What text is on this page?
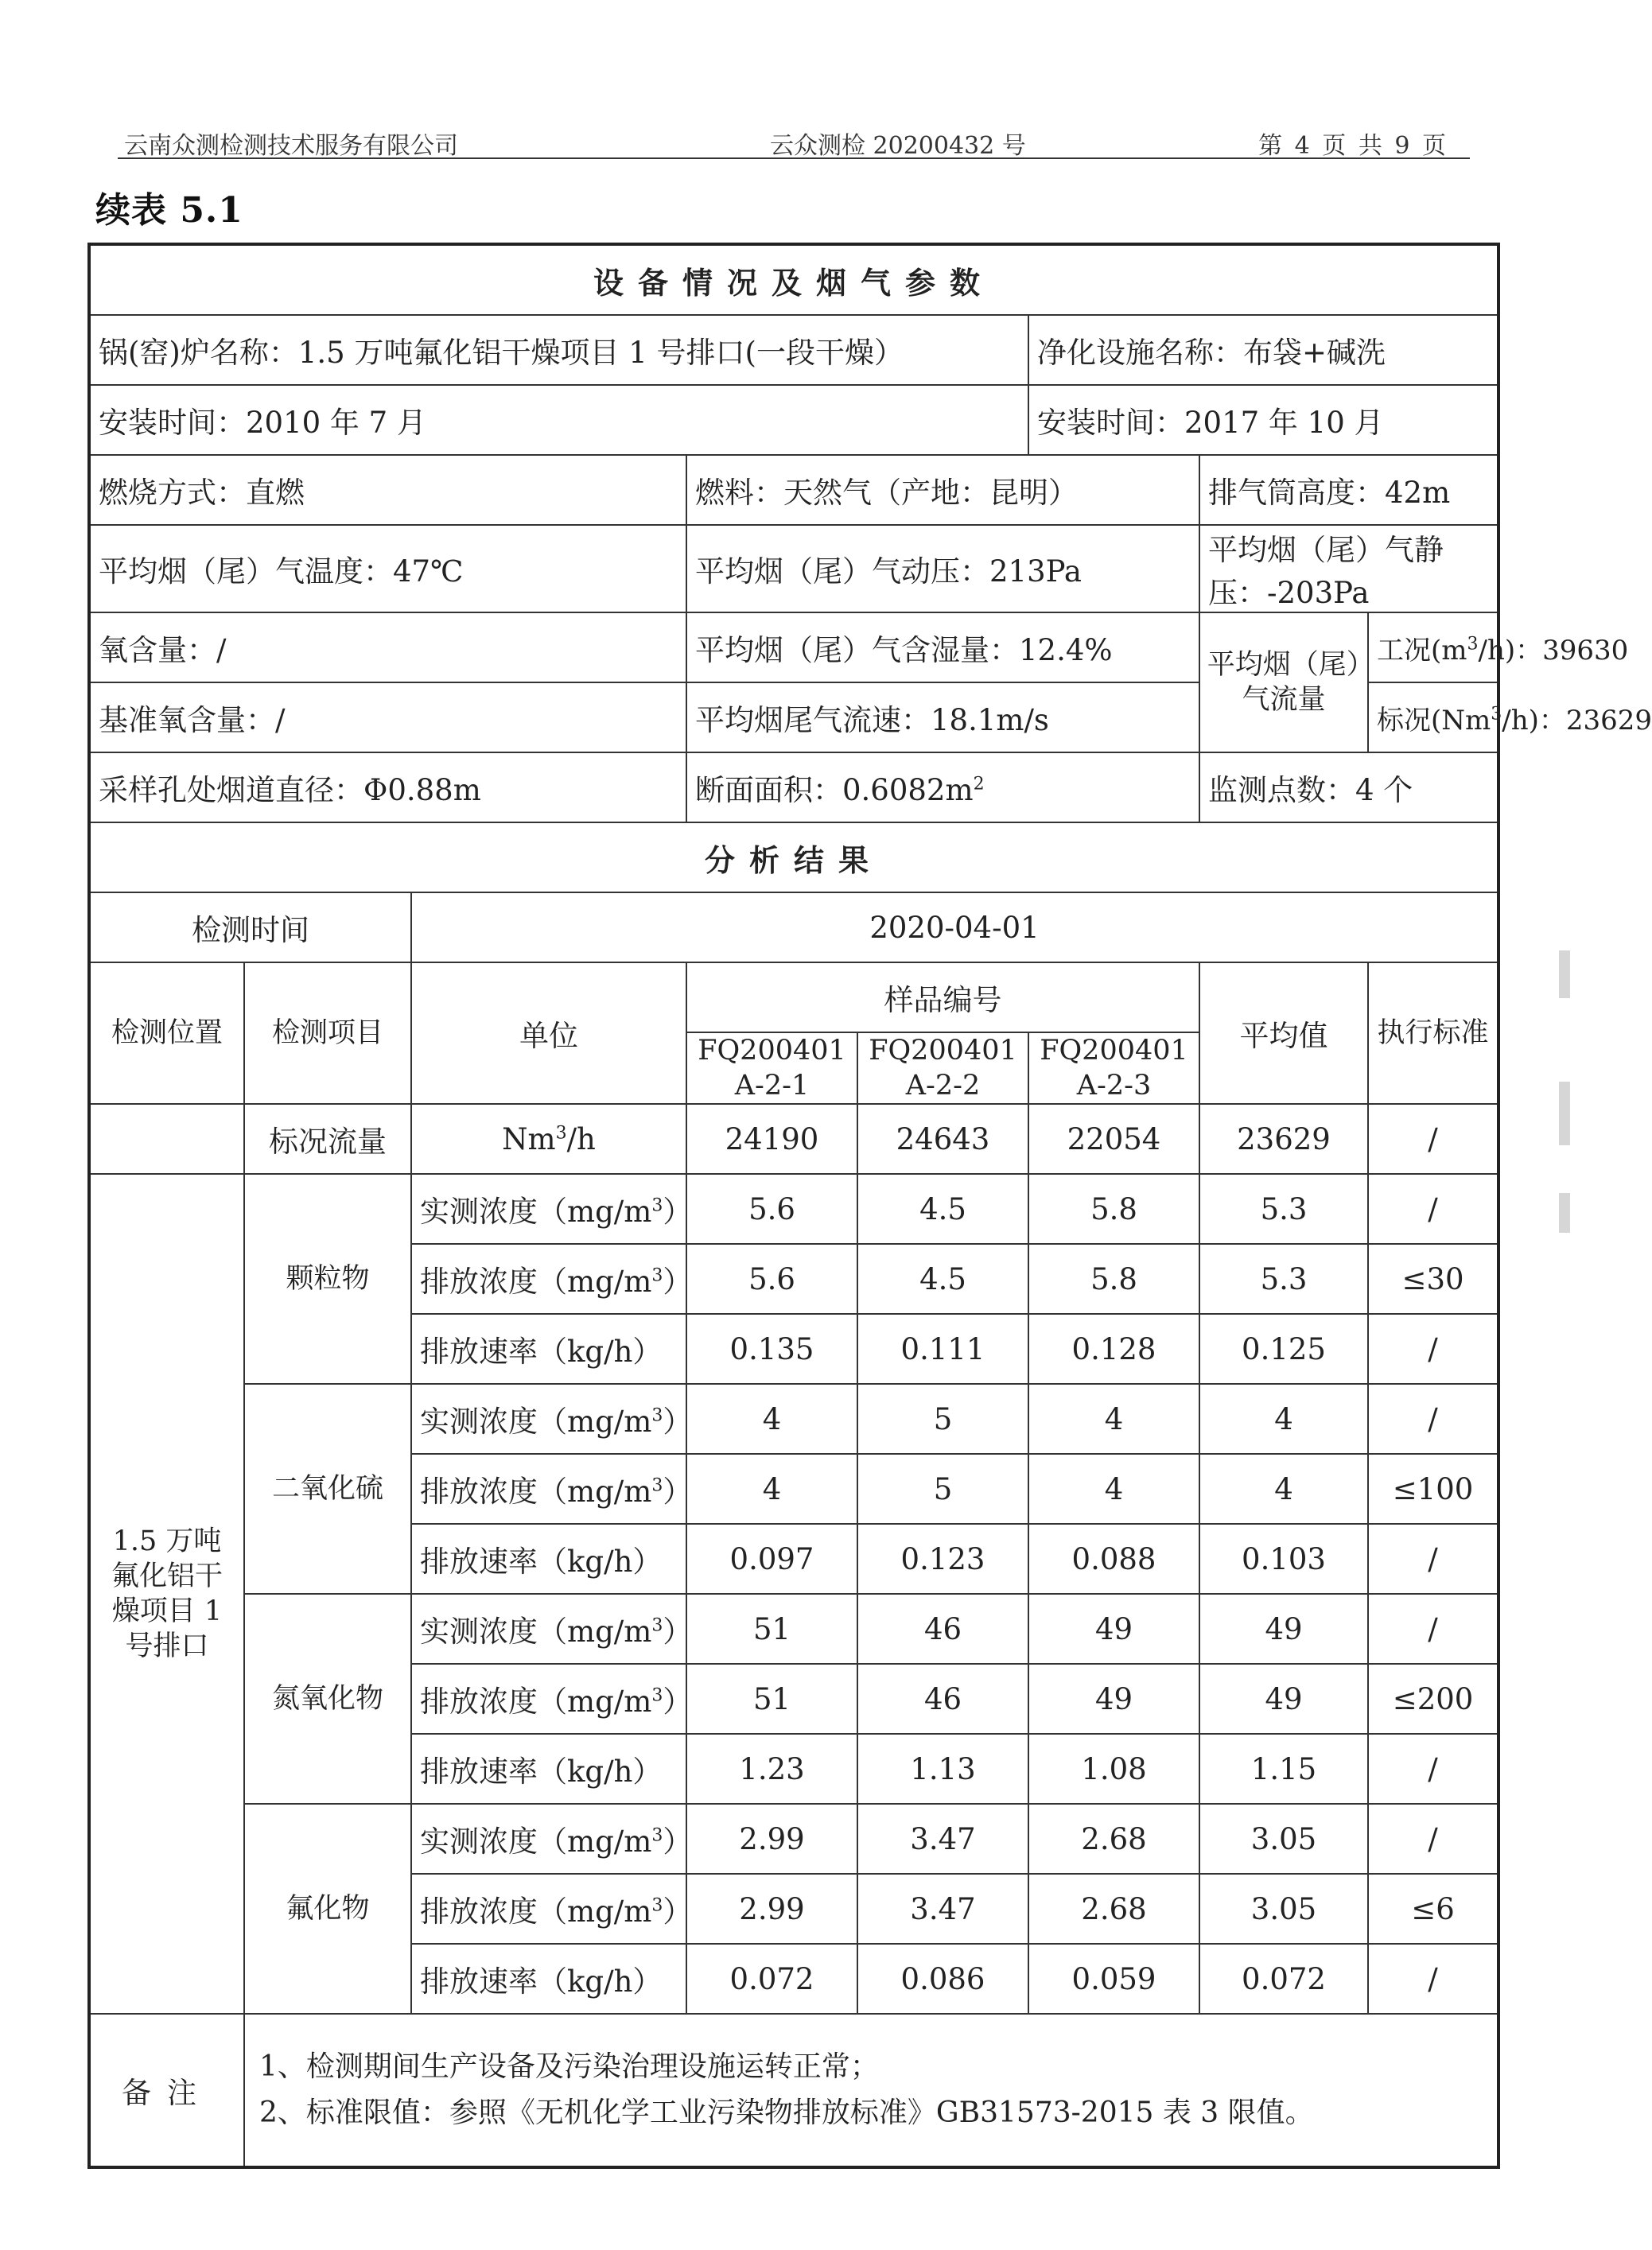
云南众测检测技术服务有限公司	云众测检 20200432 号	第 4 页 共 9 页
续表 5.1
设备情况及烟气参数							
锅(窑)炉名称：1.5 万吨氟化铝干燥项目 1 号排口(一段干燥）					净化设施名称：布袋+碱洗		
安装时间：2010 年 7 月					安装时间：2017 年 10 月		
燃烧方式：直燃			燃料：天然气（产地：昆明）			排气筒高度：42m	
平均烟（尾）气温度：47℃			平均烟（尾）气动压：213Pa			平均烟（尾）气静压：-203Pa	
氧含量：/			平均烟（尾）气含湿量：12.4%			平均烟（尾）气流量	工况$(m^3/h)$：39630
基准氧含量：/			平均烟尾气流速：18.1m/s				标况(Nm$^3$/h)：23629
采样孔处烟道直径：Φ0.88m			断面面积：$0.6082m^2$			监测点数：4 个	
分析结果							
检测时间		2020-04-01					
检测位置	检测项目	单位	样品编号			平均值	执行标准
			FQ200401 A-2-1	FQ200401 A-2-2	FQ200401 A-2-3		
	标况流量	Nm$^3$/h	24190	24643	22054	23629	/
1.5 万吨氟化铝干燥项目 1 号排口	颗粒物	实测浓度$(mg/m^3)$	5.6	4.5	5.8	5.3	/
		排放浓度$(mg/m^3)$	5.6	4.5	5.8	5.3	≤30
		排放速率（kg/h）	0.135	0.111	0.128	0.125	/
	二氧化硫	实测浓度$(mg/m^3)$	4	5	4	4	/
		排放浓度$(mg/m^3)$	4	5	4	4	≤100
		排放速率（kg/h）	0.097	0.123	0.088	0.103	/
	氮氧化物	实测浓度$(mg/m^3)$	51	46	49	49	/
		排放浓度$(mg/m^3)$	51	46	49	49	≤200
		排放速率（kg/h）	1.23	1.13	1.08	1.15	/
	氟化物	实测浓度$(mg/m^3)$	2.99	3.47	2.68	3.05	/
		排放浓度$(mg/m^3)$	2.99	3.47	2.68	3.05	≤6
		排放速率（kg/h）	0.072	0.086	0.059	0.072	/
备注	1、检测期间生产设备及污染治理设施运转正常；
2、标准限值：参照《无机化学工业污染物排放标准》GB31573-2015 表 3 限值。						
